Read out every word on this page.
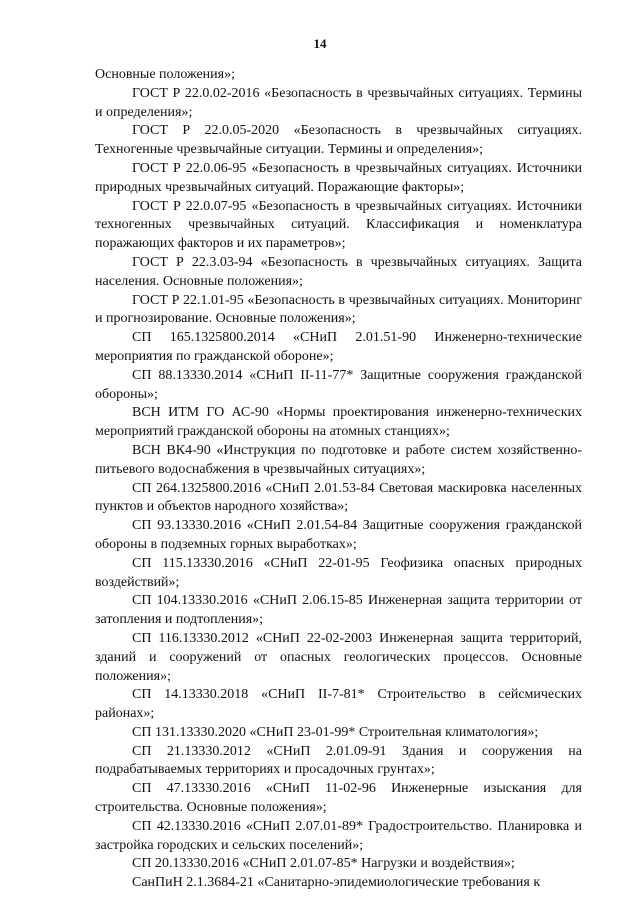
14

Основные положения»;

ГОСТ Р 22.0.02-2016 «Безопасность в чрезвычайных ситуациях. Термины и определения»;

ГОСТ Р 22.0.05-2020 «Безопасность в чрезвычайных ситуациях. Техногенные чрезвычайные ситуации. Термины и определения»;

ГОСТ Р 22.0.06-95 «Безопасность в чрезвычайных ситуациях. Источники природных чрезвычайных ситуаций. Поражающие факторы»;

ГОСТ Р 22.0.07-95 «Безопасность в чрезвычайных ситуациях. Источники техногенных чрезвычайных ситуаций. Классификация и номенклатура поражающих факторов и их параметров»;

ГОСТ Р 22.3.03-94 «Безопасность в чрезвычайных ситуациях. Защита населения. Основные положения»;

ГОСТ Р 22.1.01-95 «Безопасность в чрезвычайных ситуациях. Мониторинг и прогнозирование. Основные положения»;

СП 165.1325800.2014 «СНиП 2.01.51-90 Инженерно-технические мероприятия по гражданской обороне»;

СП 88.13330.2014 «СНиП II-11-77* Защитные сооружения гражданской обороны»;

ВСН ИТМ ГО АС-90 «Нормы проектирования инженерно-технических мероприятий гражданской обороны на атомных станциях»;

ВСН ВК4-90 «Инструкция по подготовке и работе систем хозяйственно-питьевого водоснабжения в чрезвычайных ситуациях»;

СП 264.1325800.2016 «СНиП 2.01.53-84 Световая маскировка населенных пунктов и объектов народного хозяйства»;

СП 93.13330.2016 «СНиП 2.01.54-84 Защитные сооружения гражданской обороны в подземных горных выработках»;

СП 115.13330.2016 «СНиП 22-01-95 Геофизика опасных природных воздействий»;

СП 104.13330.2016 «СНиП 2.06.15-85 Инженерная защита территории от затопления и подтопления»;

СП 116.13330.2012 «СНиП 22-02-2003 Инженерная защита территорий, зданий и сооружений от опасных геологических процессов. Основные положения»;

СП 14.13330.2018 «СНиП II-7-81* Строительство в сейсмических районах»;

СП 131.13330.2020 «СНиП 23-01-99* Строительная климатология»;

СП 21.13330.2012 «СНиП 2.01.09-91 Здания и сооружения на подрабатываемых территориях и просадочных грунтах»;

СП 47.13330.2016 «СНиП 11-02-96 Инженерные изыскания для строительства. Основные положения»;

СП 42.13330.2016 «СНиП 2.07.01-89* Градостроительство. Планировка и застройка городских и сельских поселений»;

СП 20.13330.2016 «СНиП 2.01.07-85* Нагрузки и воздействия»;

СанПиН 2.1.3684-21 «Санитарно-эпидемиологические требования к
